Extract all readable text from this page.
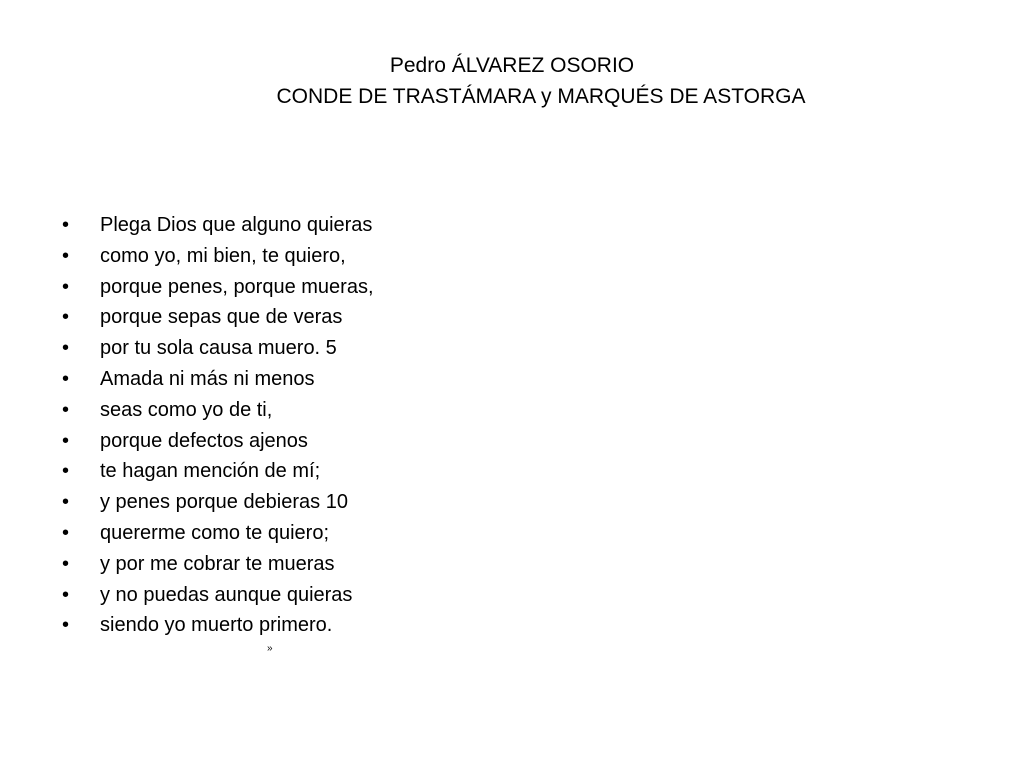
Pedro ÁLVAREZ OSORIO
CONDE DE TRASTÁMARA y MARQUÉS DE ASTORGA
• Plega Dios que alguno quieras
• como yo, mi bien, te quiero,
• porque penes, porque mueras,
• porque sepas que de veras
• por tu sola causa muero. 5
• Amada ni más ni menos
• seas como yo de ti,
• porque defectos ajenos
• te hagan mención de mí;
• y penes porque debieras 10
• quererme como te quiero;
• y por me cobrar te mueras
• y no puedas aunque quieras
• siendo yo muerto primero.
»
